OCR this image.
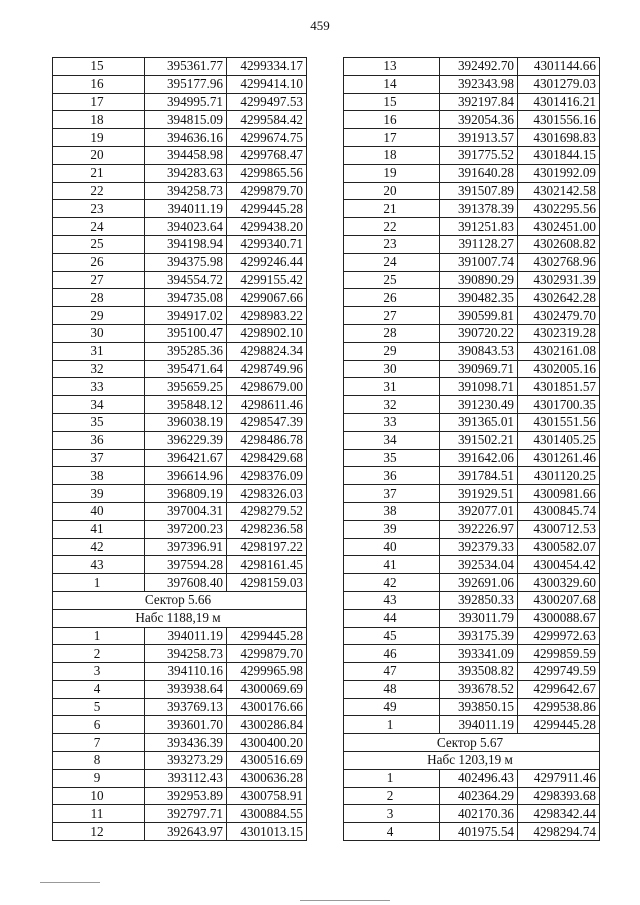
459
15	395361.77	4299334.17
16	395177.96	4299414.10
17	394995.71	4299497.53
18	394815.09	4299584.42
19	394636.16	4299674.75
20	394458.98	4299768.47
21	394283.63	4299865.56
22	394258.73	4299879.70
23	394011.19	4299445.28
24	394023.64	4299438.20
25	394198.94	4299340.71
26	394375.98	4299246.44
27	394554.72	4299155.42
28	394735.08	4299067.66
29	394917.02	4298983.22
30	395100.47	4298902.10
31	395285.36	4298824.34
32	395471.64	4298749.96
33	395659.25	4298679.00
34	395848.12	4298611.46
35	396038.19	4298547.39
36	396229.39	4298486.78
37	396421.67	4298429.68
38	396614.96	4298376.09
39	396809.19	4298326.03
40	397004.31	4298279.52
41	397200.23	4298236.58
42	397396.91	4298197.22
43	397594.28	4298161.45
1	397608.40	4298159.03
Сектор 5.66		
Набс 1188,19 м		
1	394011.19	4299445.28
2	394258.73	4299879.70
3	394110.16	4299965.98
4	393938.64	4300069.69
5	393769.13	4300176.66
6	393601.70	4300286.84
7	393436.39	4300400.20
8	393273.29	4300516.69
9	393112.43	4300636.28
10	392953.89	4300758.91
11	392797.71	4300884.55
12	392643.97	4301013.15
13	392492.70	4301144.66
14	392343.98	4301279.03
15	392197.84	4301416.21
16	392054.36	4301556.16
17	391913.57	4301698.83
18	391775.52	4301844.15
19	391640.28	4301992.09
20	391507.89	4302142.58
21	391378.39	4302295.56
22	391251.83	4302451.00
23	391128.27	4302608.82
24	391007.74	4302768.96
25	390890.29	4302931.39
26	390482.35	4302642.28
27	390599.81	4302479.70
28	390720.22	4302319.28
29	390843.53	4302161.08
30	390969.71	4302005.16
31	391098.71	4301851.57
32	391230.49	4301700.35
33	391365.01	4301551.56
34	391502.21	4301405.25
35	391642.06	4301261.46
36	391784.51	4301120.25
37	391929.51	4300981.66
38	392077.01	4300845.74
39	392226.97	4300712.53
40	392379.33	4300582.07
41	392534.04	4300454.42
42	392691.06	4300329.60
43	392850.33	4300207.68
44	393011.79	4300088.67
45	393175.39	4299972.63
46	393341.09	4299859.59
47	393508.82	4299749.59
48	393678.52	4299642.67
49	393850.15	4299538.86
1	394011.19	4299445.28
Сектор 5.67		
Набс 1203,19 м		
1	402496.43	4297911.46
2	402364.29	4298393.68
3	402170.36	4298342.44
4	401975.54	4298294.74
